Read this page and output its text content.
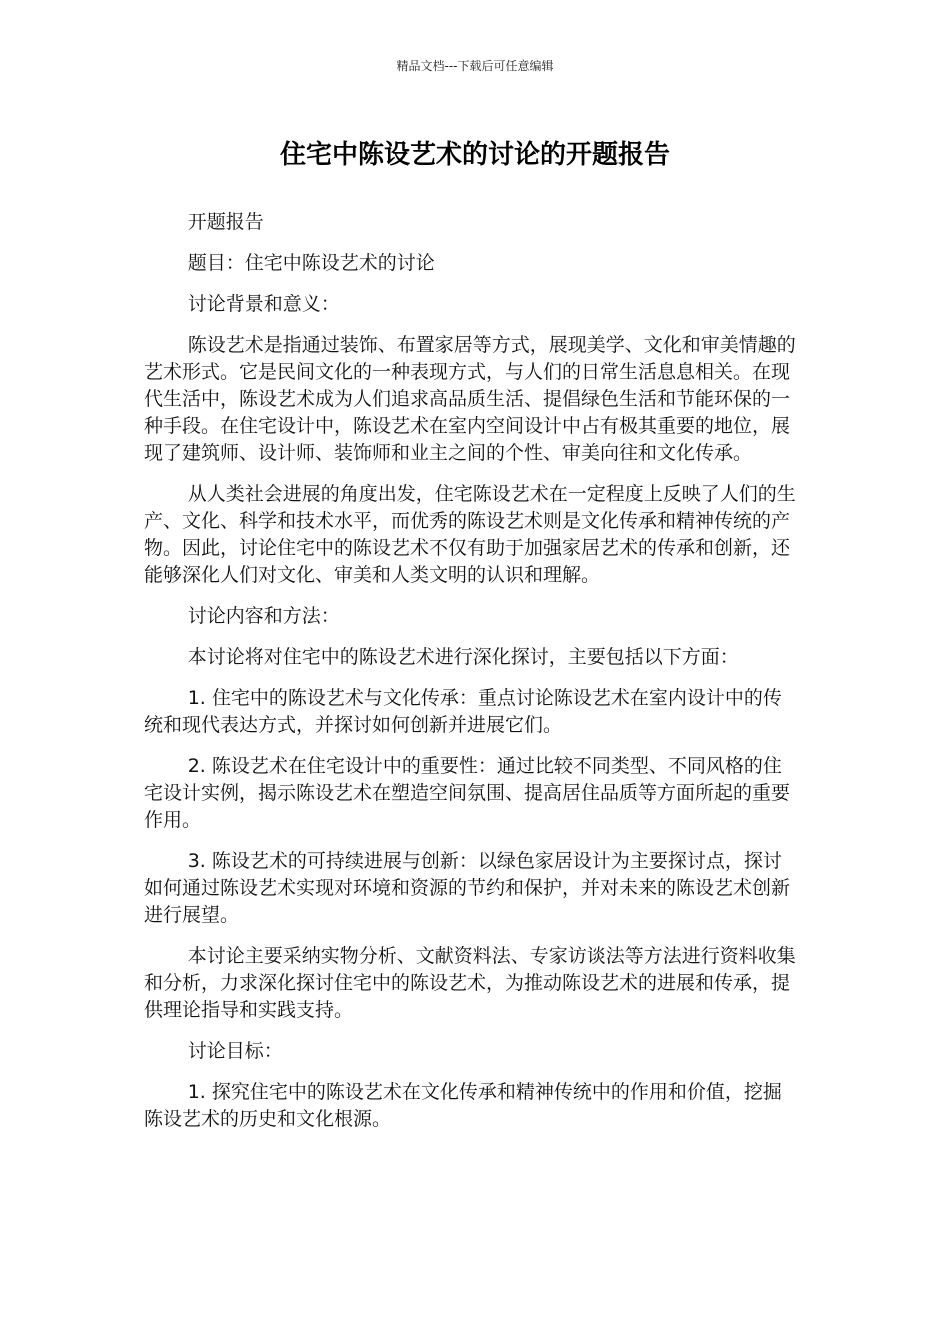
精品文档---下载后可任意编辑
住宅中陈设艺术的讨论的开题报告

开题报告

题目：住宅中陈设艺术的讨论

讨论背景和意义：

陈设艺术是指通过装饰、布置家居等方式，展现美学、文化和审美情趣的艺术形式。它是民间文化的一种表现方式，与人们的日常生活息息相关。在现代生活中，陈设艺术成为人们追求高品质生活、提倡绿色生活和节能环保的一种手段。在住宅设计中，陈设艺术在室内空间设计中占有极其重要的地位，展现了建筑师、设计师、装饰师和业主之间的个性、审美向往和文化传承。

从人类社会进展的角度出发，住宅陈设艺术在一定程度上反映了人们的生产、文化、科学和技术水平，而优秀的陈设艺术则是文化传承和精神传统的产物。因此，讨论住宅中的陈设艺术不仅有助于加强家居艺术的传承和创新，还能够深化人们对文化、审美和人类文明的认识和理解。

讨论内容和方法：

本讨论将对住宅中的陈设艺术进行深化探讨，主要包括以下方面：

1. 住宅中的陈设艺术与文化传承：重点讨论陈设艺术在室内设计中的传统和现代表达方式，并探讨如何创新并进展它们。

2. 陈设艺术在住宅设计中的重要性：通过比较不同类型、不同风格的住宅设计实例，揭示陈设艺术在塑造空间氛围、提高居住品质等方面所起的重要作用。

3. 陈设艺术的可持续进展与创新：以绿色家居设计为主要探讨点，探讨如何通过陈设艺术实现对环境和资源的节约和保护，并对未来的陈设艺术创新进行展望。

本讨论主要采纳实物分析、文献资料法、专家访谈法等方法进行资料收集和分析，力求深化探讨住宅中的陈设艺术，为推动陈设艺术的进展和传承，提供理论指导和实践支持。

讨论目标：

1. 探究住宅中的陈设艺术在文化传承和精神传统中的作用和价值，挖掘陈设艺术的历史和文化根源。
